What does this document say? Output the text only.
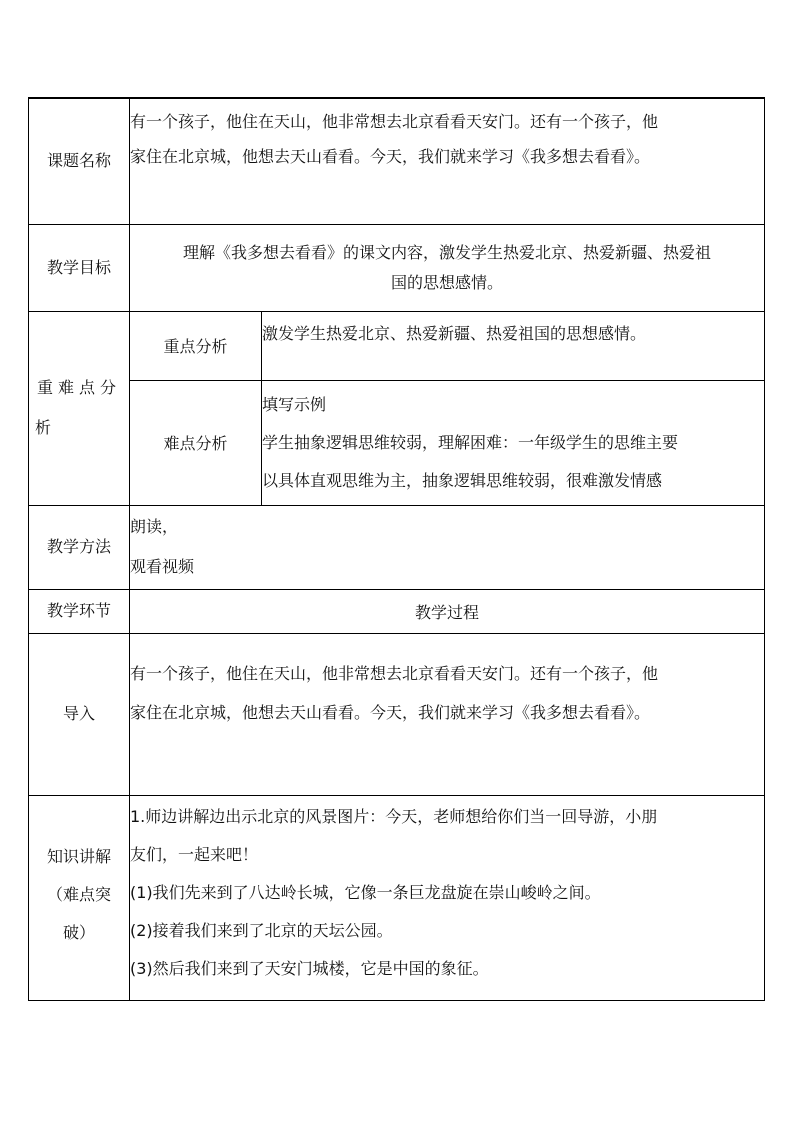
课题名称	有一个孩子，他住在天山，他非常想去北京看看天安门。还有一个孩子，他
家住在北京城，他想去天山看看。今天，我们就来学习《我多想去看看》。	

教学目标	理解《我多想去看看》的课文内容，激发学生热爱北京、热爱新疆、热爱祖
国的思想感情。	

重难点分
析	重点分析	激发学生热爱北京、热爱新疆、热爱祖国的思想感情。
	难点分析	填写示例
学生抽象逻辑思维较弱，理解困难：一年级学生的思维主要
以具体直观思维为主，抽象逻辑思维较弱，很难激发情感

教学方法	朗读，
观看视频	

教学环节	教学过程	
导入	有一个孩子，他住在天山，他非常想去北京看看天安门。还有一个孩子，他
家住在北京城，他想去天山看看。今天，我们就来学习《我多想去看看》。	

知识讲解
（难点突
破）	1.师边讲解边出示北京的风景图片：今天，老师想给你们当一回导游，小朋
友们，一起来吧！
(1)我们先来到了八达岭长城，它像一条巨龙盘旋在崇山峻岭之间。
(2)接着我们来到了北京的天坛公园。
(3)然后我们来到了天安门城楼，它是中国的象征。	
